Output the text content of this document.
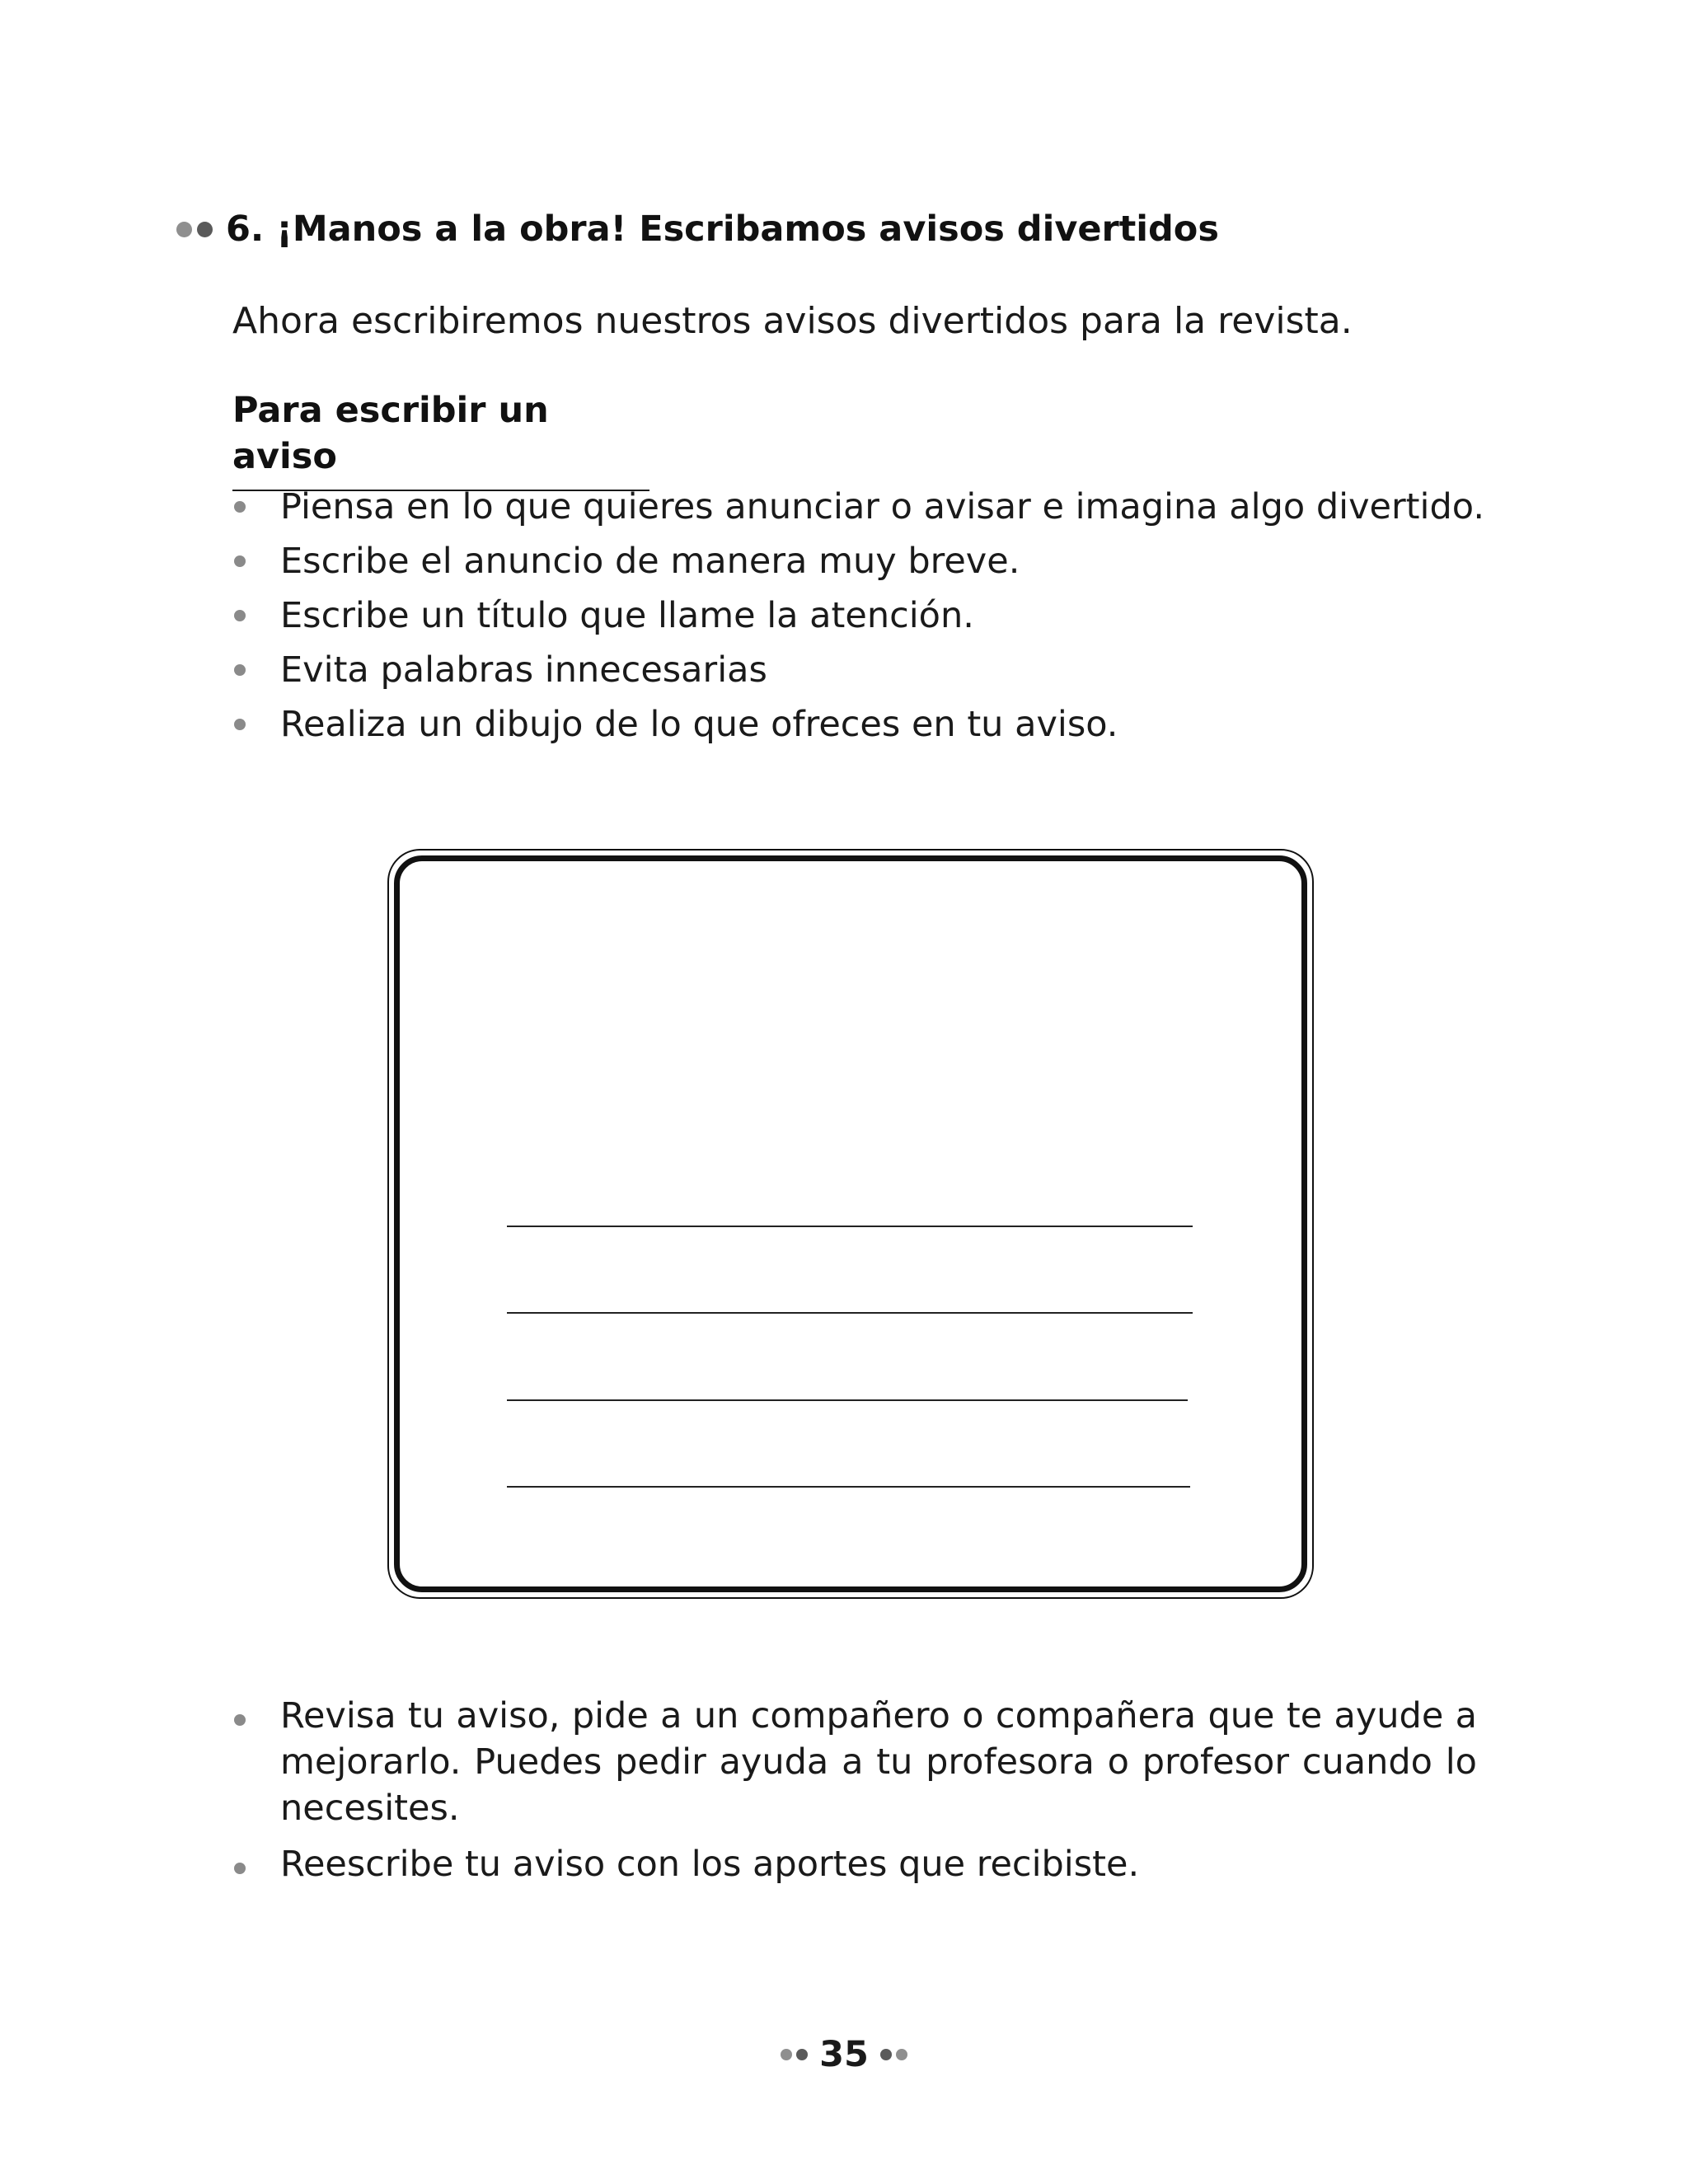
6. ¡Manos a la obra! Escribamos avisos divertidos
Ahora escribiremos nuestros avisos divertidos para la revista.
Para escribir un aviso
Piensa en lo que quieres anunciar o avisar e imagina algo divertido.
Escribe el anuncio de manera muy breve.
Escribe un título que llame la atención.
Evita palabras innecesarias
Realiza un dibujo de lo que ofreces en tu aviso.
Revisa tu aviso, pide a un compañero o compañera que te ayude a mejorarlo. Puedes pedir ayuda a tu profesora o profesor cuando lo necesites.
Reescribe tu aviso con los aportes que recibiste.
35
